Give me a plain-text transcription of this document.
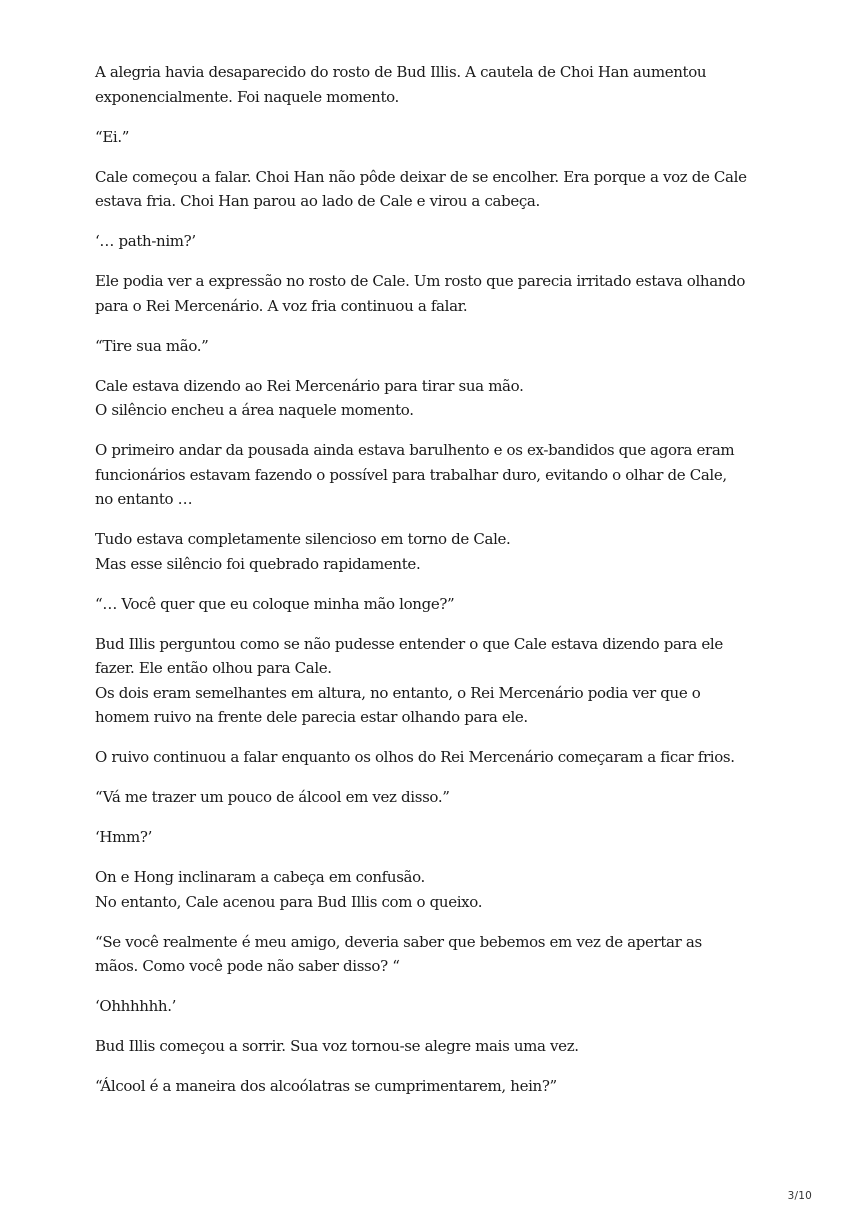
A alegria havia desaparecido do rosto de Bud Illis. A cautela de Choi Han aumentou
exponencialmente. Foi naquele momento.

“Ei.”

Cale começou a falar. Choi Han não pôde deixar de se encolher. Era porque a voz de Cale
estava fria. Choi Han parou ao lado de Cale e virou a cabeça.

‘… path-nim?’

Ele podia ver a expressão no rosto de Cale. Um rosto que parecia irritado estava olhando
para o Rei Mercenário. A voz fria continuou a falar.

“Tire sua mão.”

Cale estava dizendo ao Rei Mercenário para tirar sua mão.
O silêncio encheu a área naquele momento.

O primeiro andar da pousada ainda estava barulhento e os ex-bandidos que agora eram
funcionários estavam fazendo o possível para trabalhar duro, evitando o olhar de Cale,
no entanto …

Tudo estava completamente silencioso em torno de Cale.
Mas esse silêncio foi quebrado rapidamente.

“… Você quer que eu coloque minha mão longe?”

Bud Illis perguntou como se não pudesse entender o que Cale estava dizendo para ele
fazer. Ele então olhou para Cale.
Os dois eram semelhantes em altura, no entanto, o Rei Mercenário podia ver que o
homem ruivo na frente dele parecia estar olhando para ele.

O ruivo continuou a falar enquanto os olhos do Rei Mercenário começaram a ficar frios.

“Vá me trazer um pouco de álcool em vez disso.”

‘Hmm?’

On e Hong inclinaram a cabeça em confusão.
No entanto, Cale acenou para Bud Illis com o queixo.

“Se você realmente é meu amigo, deveria saber que bebemos em vez de apertar as
mãos. Como você pode não saber disso? “

‘Ohhhhhh.’

Bud Illis começou a sorrir. Sua voz tornou-se alegre mais uma vez.

“Álcool é a maneira dos alcoólatras se cumprimentarem, hein?”

3/10
